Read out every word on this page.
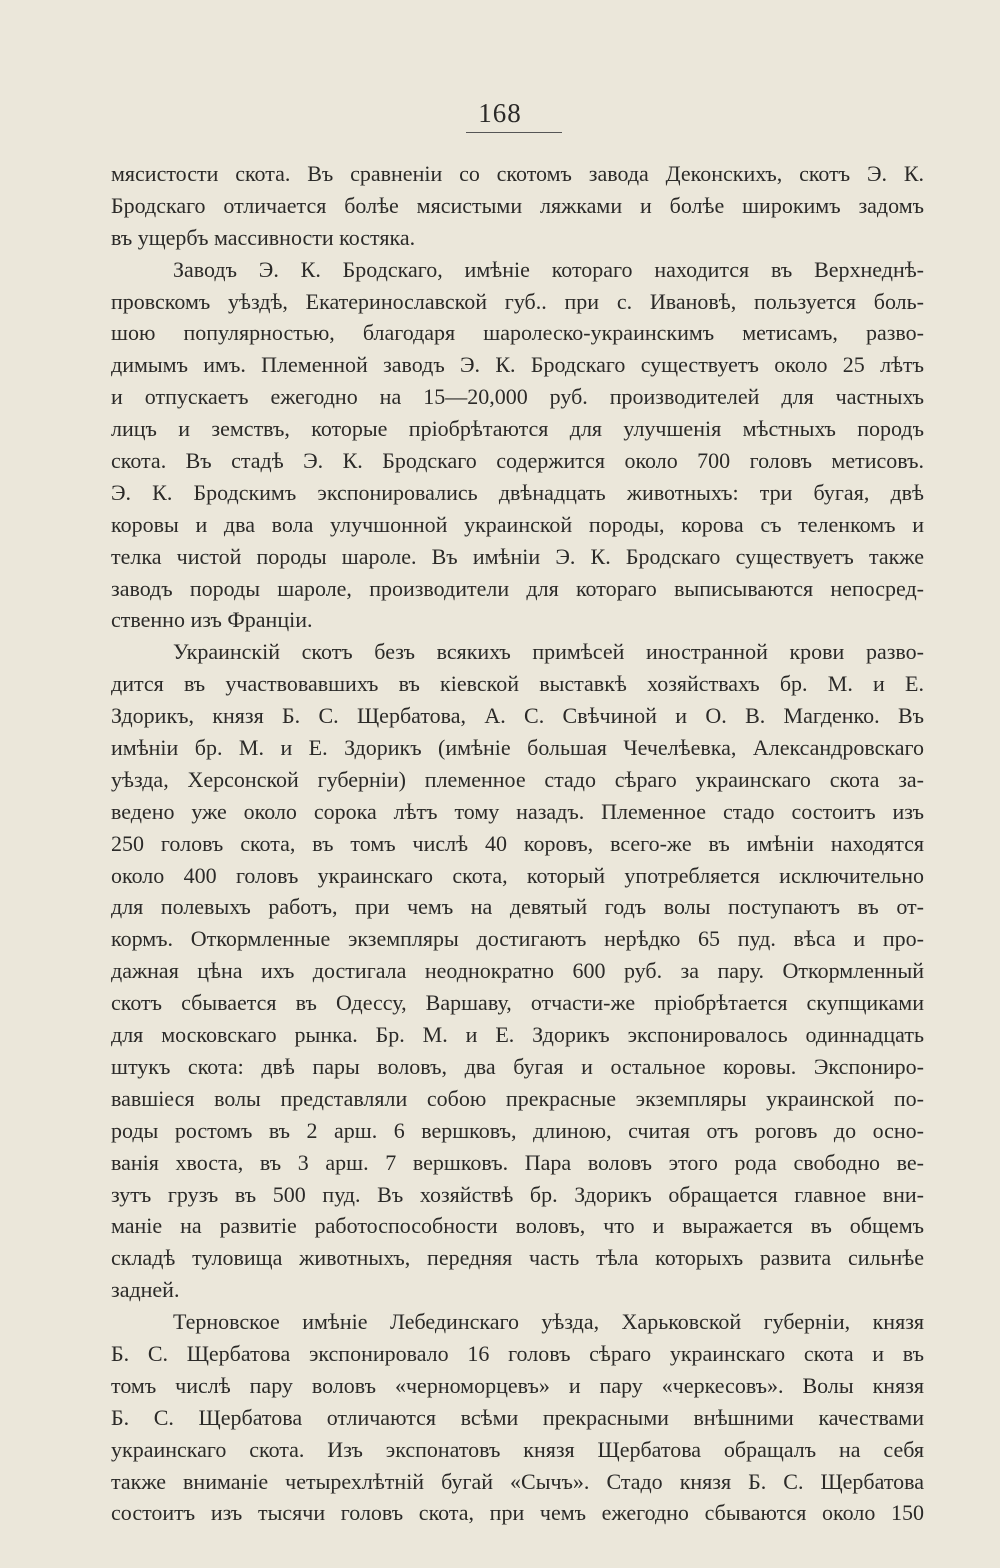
168
мясистости скота. Въ сравненіи со скотомъ завода Деконскихъ, скотъ Э. К.
Бродскаго отличается болѣе мясистыми ляжками и болѣе широкимъ задомъ
въ ущербъ массивности костяка.
Заводъ Э. К. Бродскаго, имѣніе котораго находится въ Верхнеднѣ-
провскомъ уѣздѣ, Екатеринославской губ.. при с. Ивановѣ, пользуется боль-
шою популярностью, благодаря шаролеско-украинскимъ метисамъ, разво-
димымъ имъ. Племенной заводъ Э. К. Бродскаго существуетъ около 25 лѣтъ
и отпускаетъ ежегодно на 15—20,000 руб. производителей для частныхъ
лицъ и земствъ, которые пріобрѣтаются для улучшенія мѣстныхъ породъ
скота. Въ стадѣ Э. К. Бродскаго содержится около 700 головъ метисовъ.
Э. К. Бродскимъ экспонировались двѣнадцать животныхъ: три бугая, двѣ
коровы и два вола улучшонной украинской породы, корова съ теленкомъ и
телка чистой породы шароле. Въ имѣніи Э. К. Бродскаго существуетъ также
заводъ породы шароле, производители для котораго выписываются непосред-
ственно изъ Франціи.
Украинскій скотъ безъ всякихъ примѣсей иностранной крови разво-
дится въ участвовавшихъ въ кіевской выставкѣ хозяйствахъ бр. М. и Е.
Здорикъ, князя Б. С. Щербатова, А. С. Свѣчиной и О. В. Магденко. Въ
имѣніи бр. М. и Е. Здорикъ (имѣніе большая Чечелѣевка, Александровскаго
уѣзда, Херсонской губерніи) племенное стадо сѣраго украинскаго скота за-
ведено уже около сорока лѣтъ тому назадъ. Племенное стадо состоитъ изъ
250 головъ скота, въ томъ числѣ 40 коровъ, всего-же въ имѣніи находятся
около 400 головъ украинскаго скота, который употребляется исключительно
для полевыхъ работъ, при чемъ на девятый годъ волы поступаютъ въ от-
кормъ. Откормленные экземпляры достигаютъ нерѣдко 65 пуд. вѣса и про-
дажная цѣна ихъ достигала неоднократно 600 руб. за пару. Откормленный
скотъ сбывается въ Одессу, Варшаву, отчасти-же пріобрѣтается скупщиками
для московскаго рынка. Бр. М. и Е. Здорикъ экспонировалось одиннадцать
штукъ скота: двѣ пары воловъ, два бугая и остальное коровы. Экспониро-
вавшіеся волы представляли собою прекрасные экземпляры украинской по-
роды ростомъ въ 2 арш. 6 вершковъ, длиною, считая отъ роговъ до осно-
ванія хвоста, въ 3 арш. 7 вершковъ. Пара воловъ этого рода свободно ве-
зутъ грузъ въ 500 пуд. Въ хозяйствѣ бр. Здорикъ обращается главное вни-
маніе на развитіе работоспособности воловъ, что и выражается въ общемъ
складѣ туловища животныхъ, передняя часть тѣла которыхъ развита сильнѣе
задней.
Терновское имѣніе Лебединскаго уѣзда, Харьковской губерніи, князя
Б. С. Щербатова экспонировало 16 головъ сѣраго украинскаго скота и въ
томъ числѣ пару воловъ «черноморцевъ» и пару «черкесовъ». Волы князя
Б. С. Щербатова отличаются всѣми прекрасными внѣшними качествами
украинскаго скота. Изъ экспонатовъ князя Щербатова обращалъ на себя
также вниманіе четырехлѣтній бугай «Сычъ». Стадо князя Б. С. Щербатова
состоитъ изъ тысячи головъ скота, при чемъ ежегодно сбываются около 150
